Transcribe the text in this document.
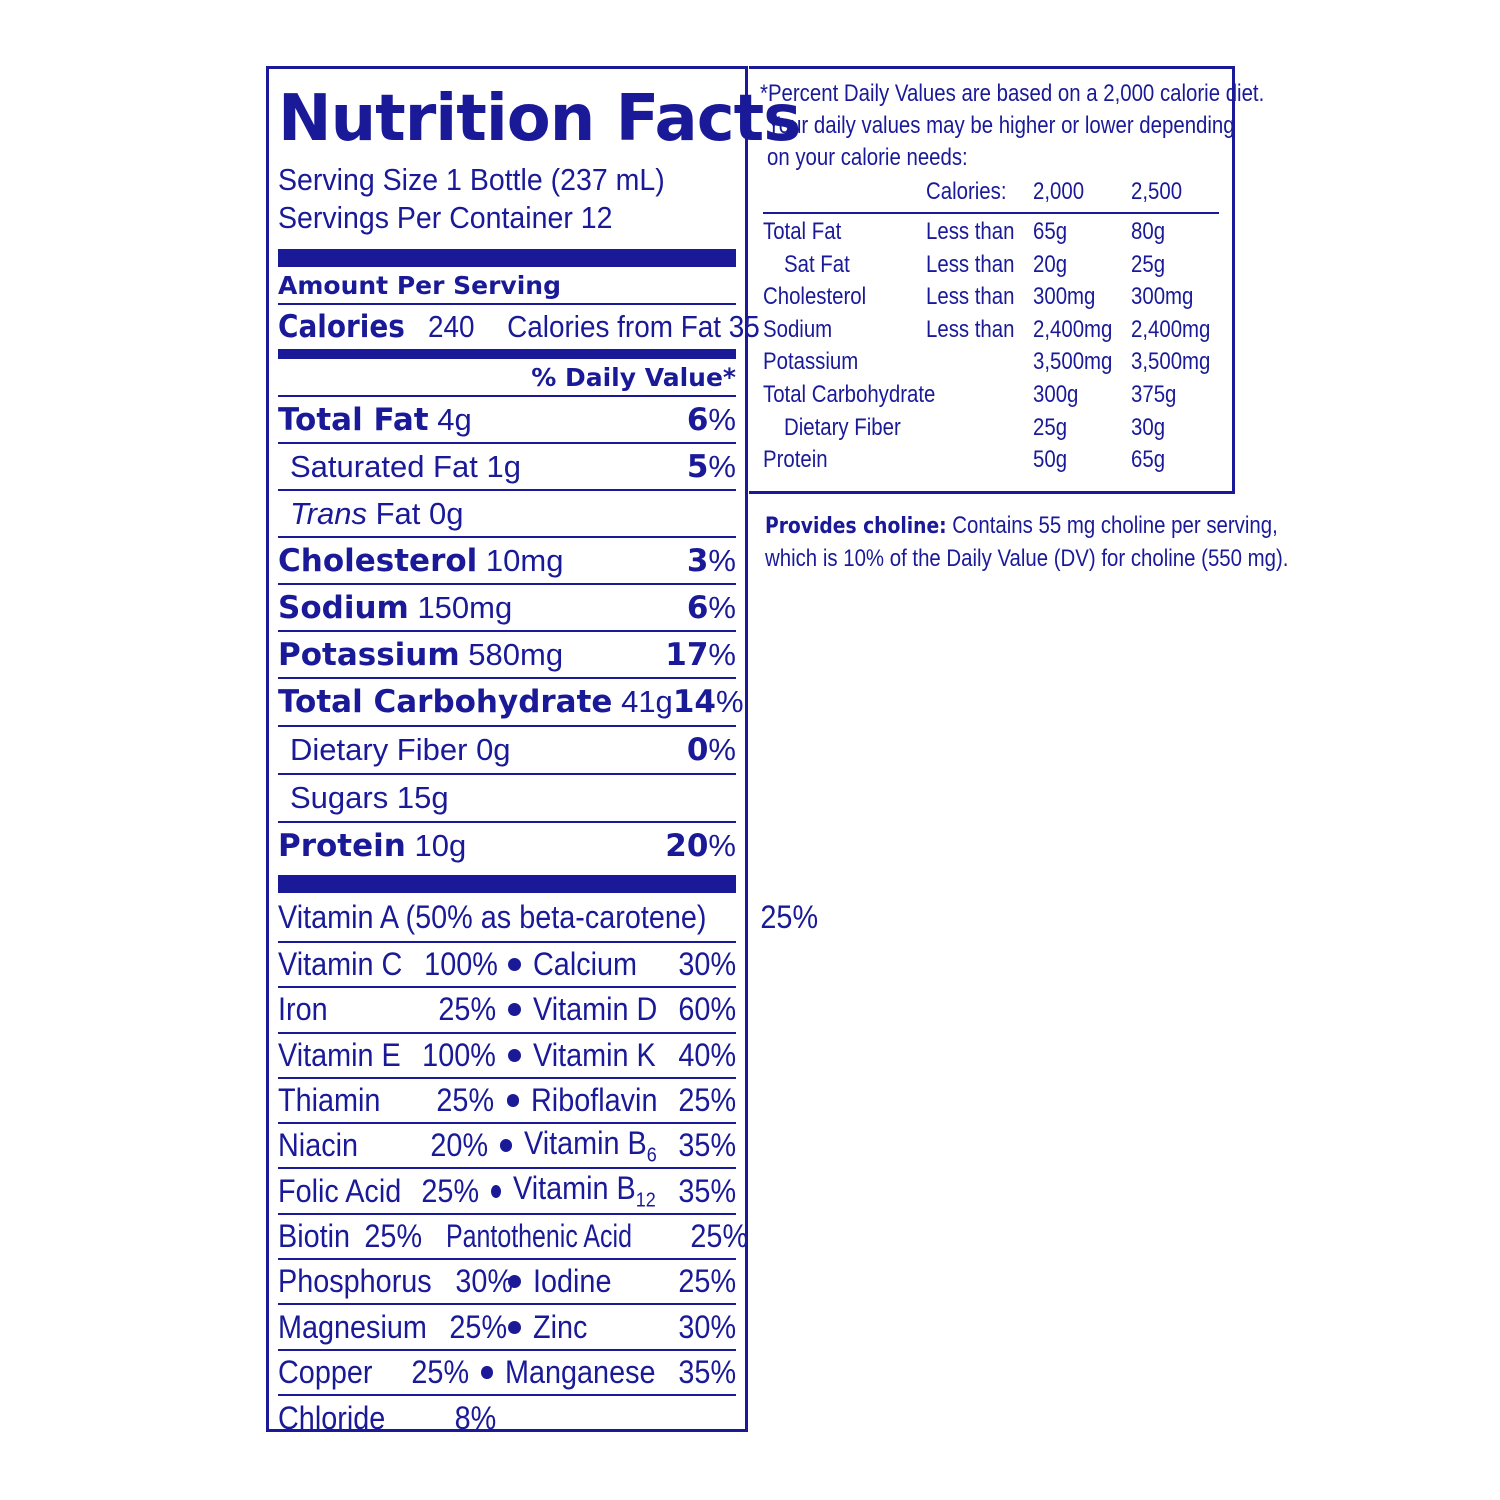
Nutrition Facts
Serving Size 1 Bottle (237 mL)
Servings Per Container 12
Amount Per Serving
Calories 240 Calories from Fat 35
% Daily Value*
Total Fat 4g	6%
Saturated Fat 1g	5%
Trans Fat 0g
Cholesterol 10mg	3%
Sodium 150mg	6%
Potassium 580mg	17%
Total Carbohydrate 41g 14%
Dietary Fiber 0g	0%
Sugars 15g
Protein 10g	20%
Vitamin A (50% as beta-carotene) 25%
Vitamin C 100% Calcium 30%
Iron	25% Vitamin D 60%
Vitamin E 100% Vitamin K 40%
Thiamin 25% Riboflavin 25%
Niacin 20% Vitamin $B_6$ 35%
Folic Acid 25% Vitamin $B_{12}$ 35%
Biotin 25% Pantothenic Acid 25%
Phosphorus 30% Iodine 25%
Magnesium 25% Zinc	30%
Copper 25% Manganese 35%
Chloride 8%
*Percent Daily Values are based on a 2,000 calorie diet.
Your daily values may be higher or lower depending
on your calorie needs:
Calories: 2,000 2,500
Total Fat	Less than 65g	80g
Sat Fat	Less than 20g	25g
Cholesterol Less than 300mg 300mg
Sodium	Less than 2,400mg 2,400mg
Potassium	3,500mg 3,500mg
Total Carbohydrate	300g 375g
Dietary Fiber	25g	30g
Protein	50g	65g
Provides choline: Contains 55 mg choline per serving,
which is 10% of the Daily Value (DV) for choline (550 mg).
